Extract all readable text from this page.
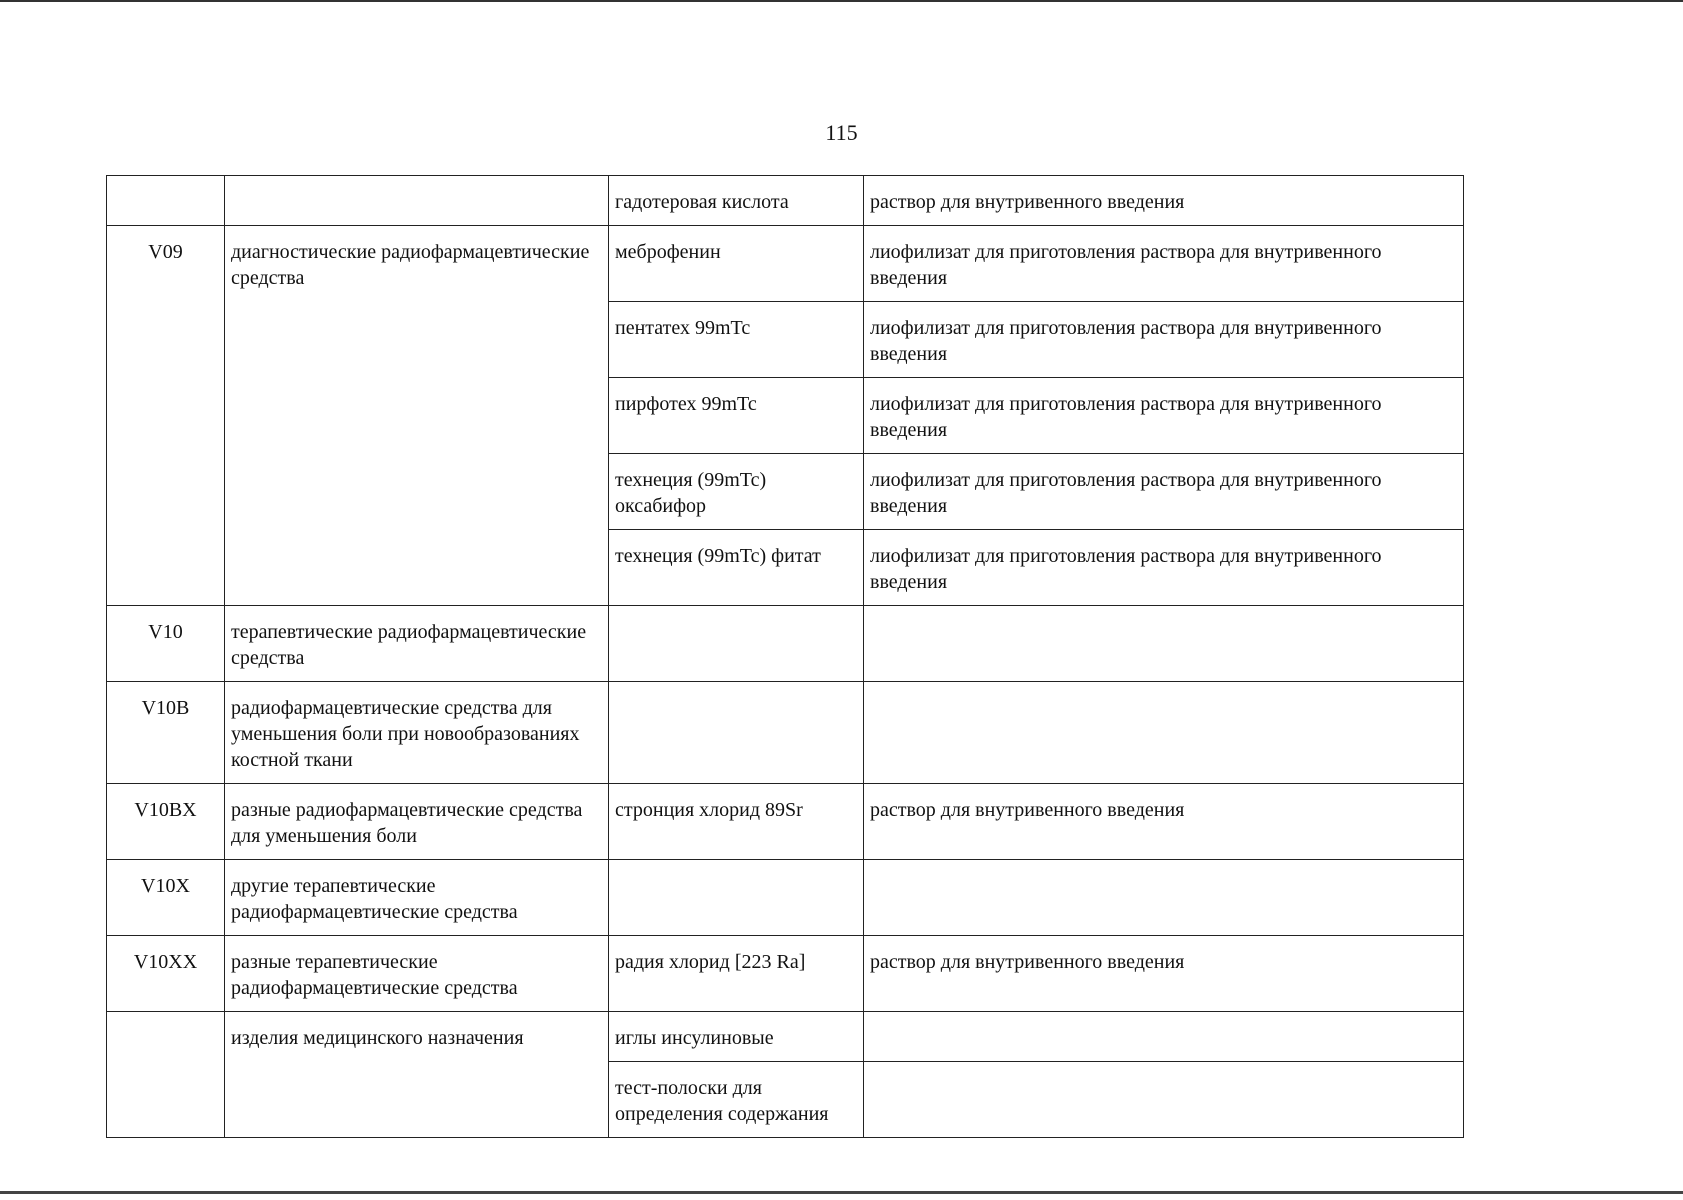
115
		гадотеровая кислота	раствор для внутривенного введения
V09	диагностические радиофармацевтические средства	меброфенин	лиофилизат для приготовления раствора для внутривенного введения
		пентатех 99mTc	лиофилизат для приготовления раствора для внутривенного введения
		пирфотех 99mTc	лиофилизат для приготовления раствора для внутривенного введения
		технеция (99mTc) оксабифор	лиофилизат для приготовления раствора для внутривенного введения
		технеция (99mTc) фитат	лиофилизат для приготовления раствора для внутривенного введения
V10	терапевтические радиофармацевтические средства		
V10B	радиофармацевтические средства для уменьшения боли при новообразованиях костной ткани		
V10BX	разные радиофармацевтические средства для уменьшения боли	стронция хлорид 89Sr	раствор для внутривенного введения
V10X	другие терапевтические радиофармацевтические средства		
V10XX	разные терапевтические радиофармацевтические средства	радия хлорид [223 Ra]	раствор для внутривенного введения
	изделия медицинского назначения	иглы инсулиновые	
		тест-полоски для определения содержания	
